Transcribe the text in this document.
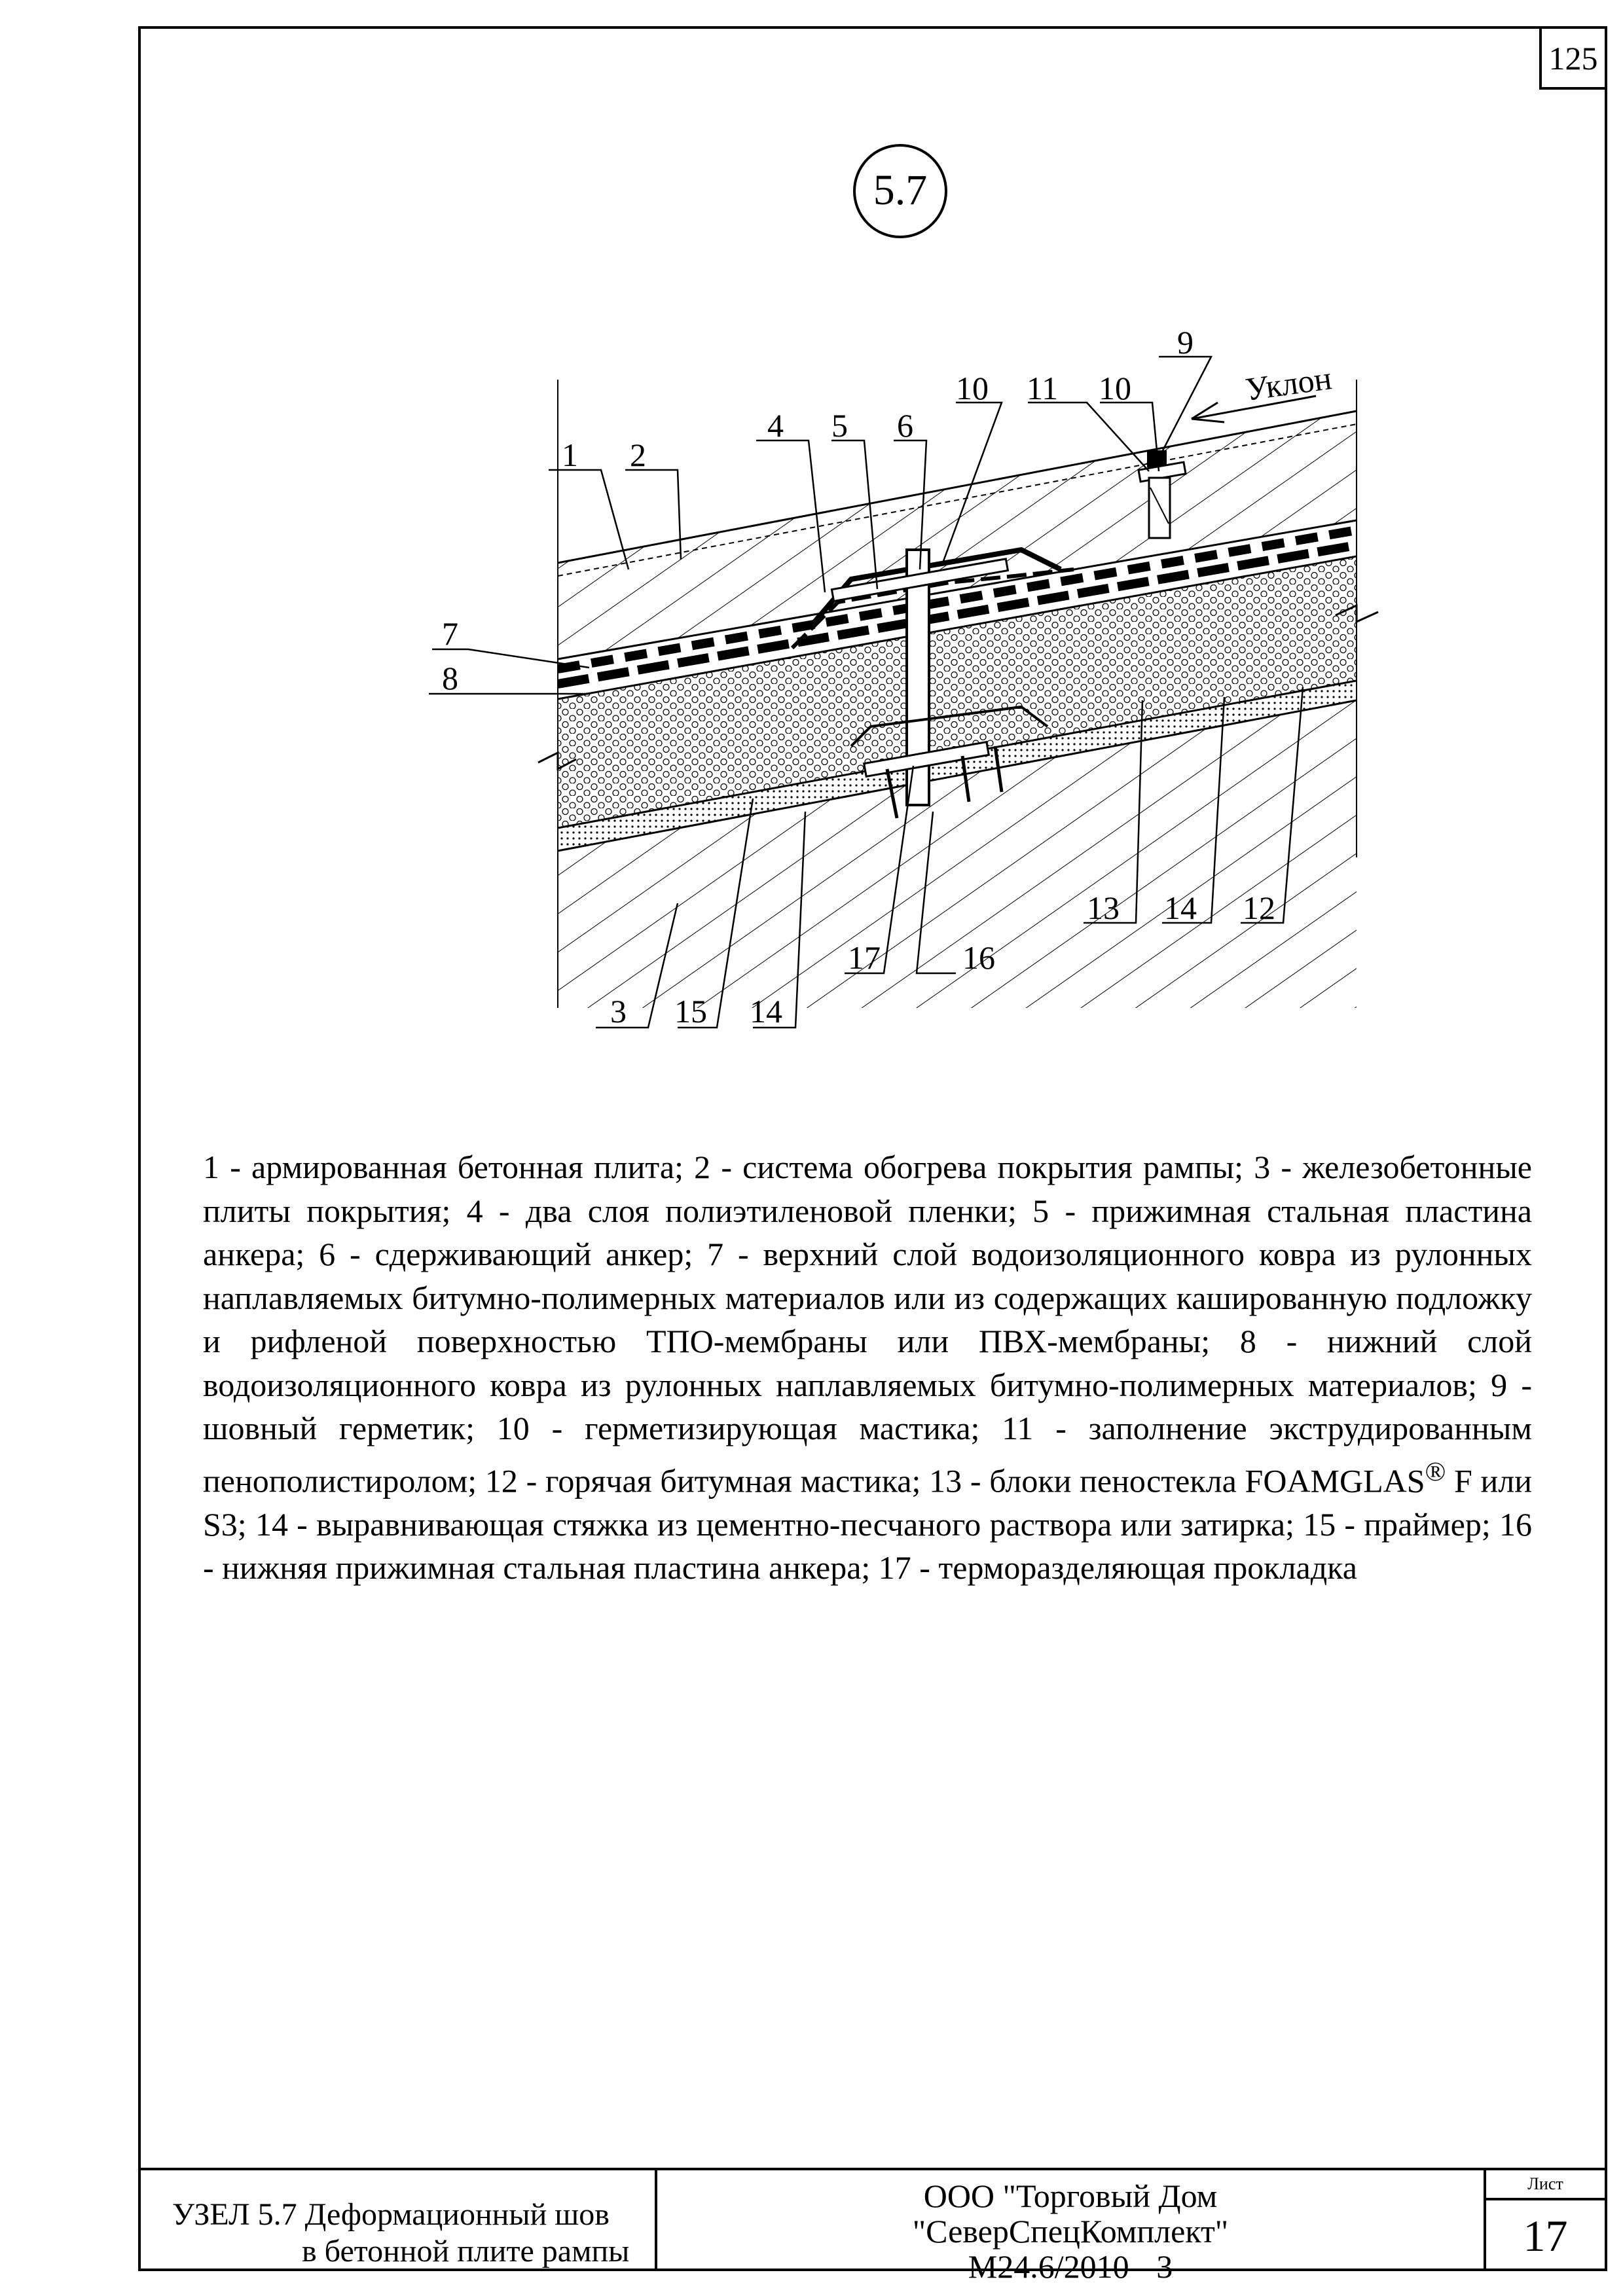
125
5.7
Уклон
1 2
3
4 5 6
7
8
9
10	10
11
12
13 14
14
15
16
17

1 - армированная бетонная плита; 2 - система обогрева покрытия рампы; 3 - железобетонные плиты покрытия; 4 - два слоя полиэтиленовой пленки; 5 - прижимная стальная пластина анкера; 6 - сдерживающий анкер; 7 - верхний слой водоизоляционного ковра из рулонных наплавляемых битумно-полимерных материалов или из содержащих кашированную подложку и рифленой поверхностью ТПО-мембраны или ПВХ-мембраны; 8 - нижний слой водоизоляционного ковра из рулонных наплавляемых битумно-полимерных материалов; 9 - шовный герметик; 10 - герметизирующая мастика; 11 - заполнение экструдированным пенополистиролом; 12 - горячая битумная мастика; 13 - блоки пеностекла FOAMGLAS® F или S3; 14 - выравнивающая стяжка из цементно-песчаного раствора или затирка; 15 - праймер; 16 - нижняя прижимная стальная пластина анкера; 17 - терморазделяющая прокладка

УЗЕЛ 5.7 Деформационный шов
в бетонной плите рампы
ООО "Торговый Дом
"СеверСпецКомплект"
М24.6/2010 - 3
Лист
17
